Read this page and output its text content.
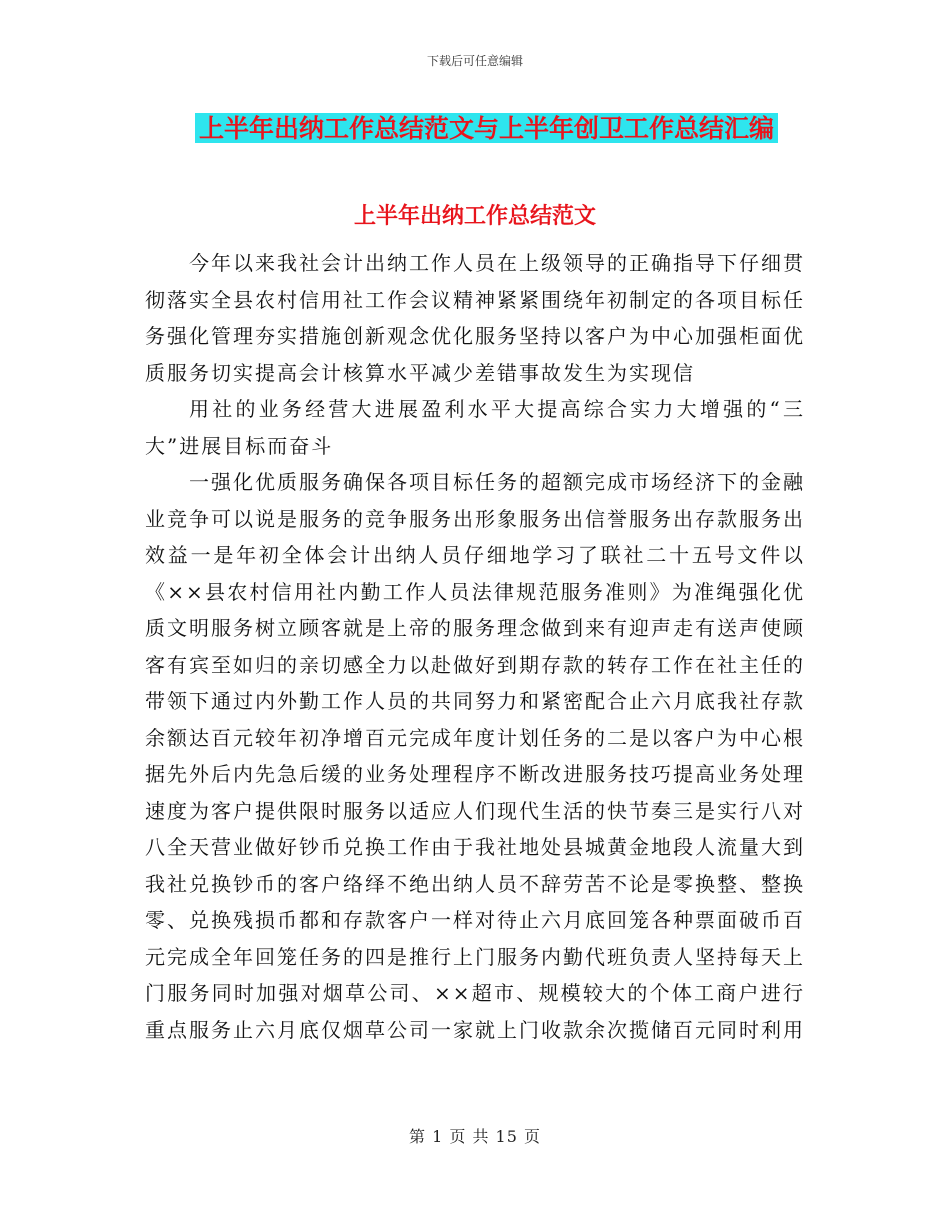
下载后可任意编辑
上半年出纳工作总结范文与上半年创卫工作总结汇编
上半年出纳工作总结范文

今年以来我社会计出纳工作人员在上级领导的正确指导下仔细贯彻落实全县农村信用社工作会议精神紧紧围绕年初制定的各项目标任务强化管理夯实措施创新观念优化服务坚持以客户为中心加强柜面优质服务切实提高会计核算水平减少差错事故发生为实现信

用社的业务经营大进展盈利水平大提高综合实力大增强的“三大”进展目标而奋斗

一强化优质服务确保各项目标任务的超额完成市场经济下的金融业竞争可以说是服务的竞争服务出形象服务出信誉服务出存款服务出效益一是年初全体会计出纳人员仔细地学习了联社二十五号文件以《××县农村信用社内勤工作人员法律规范服务准则》为准绳强化优质文明服务树立顾客就是上帝的服务理念做到来有迎声走有送声使顾客有宾至如归的亲切感全力以赴做好到期存款的转存工作在社主任的带领下通过内外勤工作人员的共同努力和紧密配合止六月底我社存款余额达百元较年初净增百元完成年度计划任务的二是以客户为中心根据先外后内先急后缓的业务处理程序不断改进服务技巧提高业务处理速度为客户提供限时服务以适应人们现代生活的快节奏三是实行八对八全天营业做好钞币兑换工作由于我社地处县城黄金地段人流量大到我社兑换钞币的客户络绎不绝出纳人员不辞劳苦不论是零换整、整换零、兑换残损币都和存款客户一样对待止六月底回笼各种票面破币百元完成全年回笼任务的四是推行上门服务内勤代班负责人坚持每天上门服务同时加强对烟草公司、××超市、规模较大的个体工商户进行重点服务止六月底仅烟草公司一家就上门收款余次揽储百元同时利用

第 1 页 共 15 页
